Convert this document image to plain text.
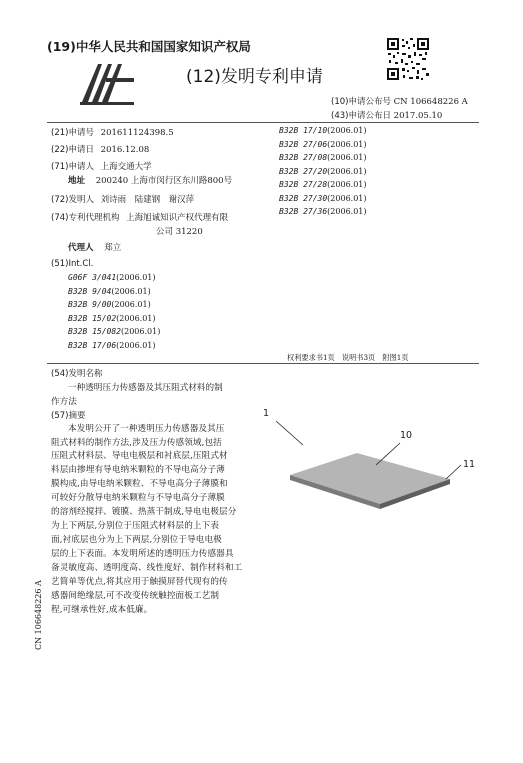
(19)中华人民共和国国家知识产权局
(12)发明专利申请
(10)申请公布号 CN 106648226 A
(43)申请公布日 2017.05.10
(21)申请号 201611124398.5
(22)申请日 2016.12.08
(71)申请人 上海交通大学
地址 200240 上海市闵行区东川路800号
(72)发明人 刘诗雨　陆建钢　谢汉萍
(74)专利代理机构 上海旭诚知识产权代理有限
公司 31220
代理人 郑立
(51)Int.Cl.
G06F 3/041(2006.01)
B32B 9/04(2006.01)
B32B 9/00(2006.01)
B32B 15/02(2006.01)
B32B 15/082(2006.01)
B32B 17/06(2006.01)
B32B 17/10(2006.01)
B32B 27/06(2006.01)
B32B 27/08(2006.01)
B32B 27/20(2006.01)
B32B 27/28(2006.01)
B32B 27/30(2006.01)
B32B 27/36(2006.01)
权利要求书1页　说明书3页　附图1页
(54)发明名称
一种透明压力传感器及其压阻式材料的制
作方法
(57)摘要
本发明公开了一种透明压力传感器及其压
阻式材料的制作方法,涉及压力传感领域,包括
压阻式材料层、导电电极层和衬底层,压阻式材
料层由掺埋有导电纳米颗粒的不导电高分子薄
膜构成,由导电纳米颗粒、不导电高分子薄膜和
可较好分散导电纳米颗粒与不导电高分子薄膜
的溶剂经搅拌、镀膜、热蒸干制成,导电电极层分
为上下两层,分别位于压阻式材料层的上下表
面,衬底层也分为上下两层,分别位于导电电极
层的上下表面。本发明所述的透明压力传感器具
备灵敏度高、透明度高、线性度好、制作材料和工
艺简单等优点,将其应用于触摸屏替代现有的传
感器间绝缘层,可不改变传统触控面板工艺制
程,可继承性好,成本低廉。
CN 106648226 A
1
10
11
